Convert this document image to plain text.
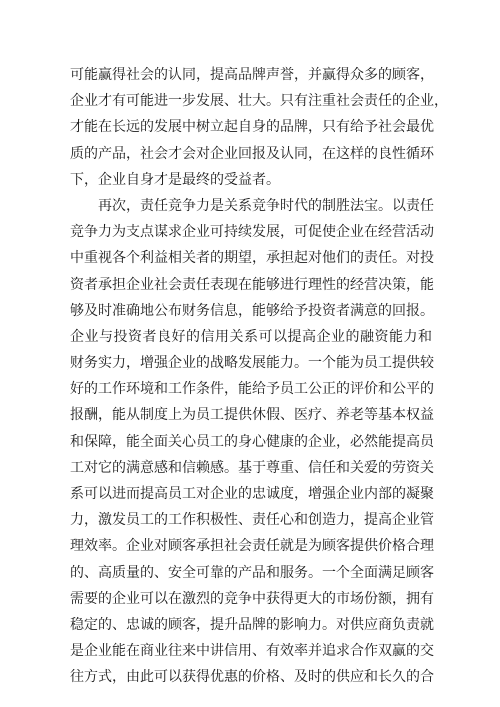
可能赢得社会的认同，提高品牌声誉，并赢得众多的顾客，
企业才有可能进一步发展、壮大。只有注重社会责任的企业，
才能在长远的发展中树立起自身的品牌，只有给予社会最优
质的产品，社会才会对企业回报及认同，在这样的良性循环
下，企业自身才是最终的受益者。
再次，责任竞争力是关系竞争时代的制胜法宝。以责任
竞争力为支点谋求企业可持续发展，可促使企业在经营活动
中重视各个利益相关者的期望，承担起对他们的责任。对投
资者承担企业社会责任表现在能够进行理性的经营决策，能
够及时准确地公布财务信息，能够给予投资者满意的回报。
企业与投资者良好的信用关系可以提高企业的融资能力和
财务实力，增强企业的战略发展能力。一个能为员工提供较
好的工作环境和工作条件，能给予员工公正的评价和公平的
报酬，能从制度上为员工提供休假、医疗、养老等基本权益
和保障，能全面关心员工的身心健康的企业，必然能提高员
工对它的满意感和信赖感。基于尊重、信任和关爱的劳资关
系可以进而提高员工对企业的忠诚度，增强企业内部的凝聚
力，激发员工的工作积极性、责任心和创造力，提高企业管
理效率。企业对顾客承担社会责任就是为顾客提供价格合理
的、高质量的、安全可靠的产品和服务。一个全面满足顾客
需要的企业可以在激烈的竞争中获得更大的市场份额，拥有
稳定的、忠诚的顾客，提升品牌的影响力。对供应商负责就
是企业能在商业往来中讲信用、有效率并追求合作双赢的交
往方式，由此可以获得优惠的价格、及时的供应和长久的合
